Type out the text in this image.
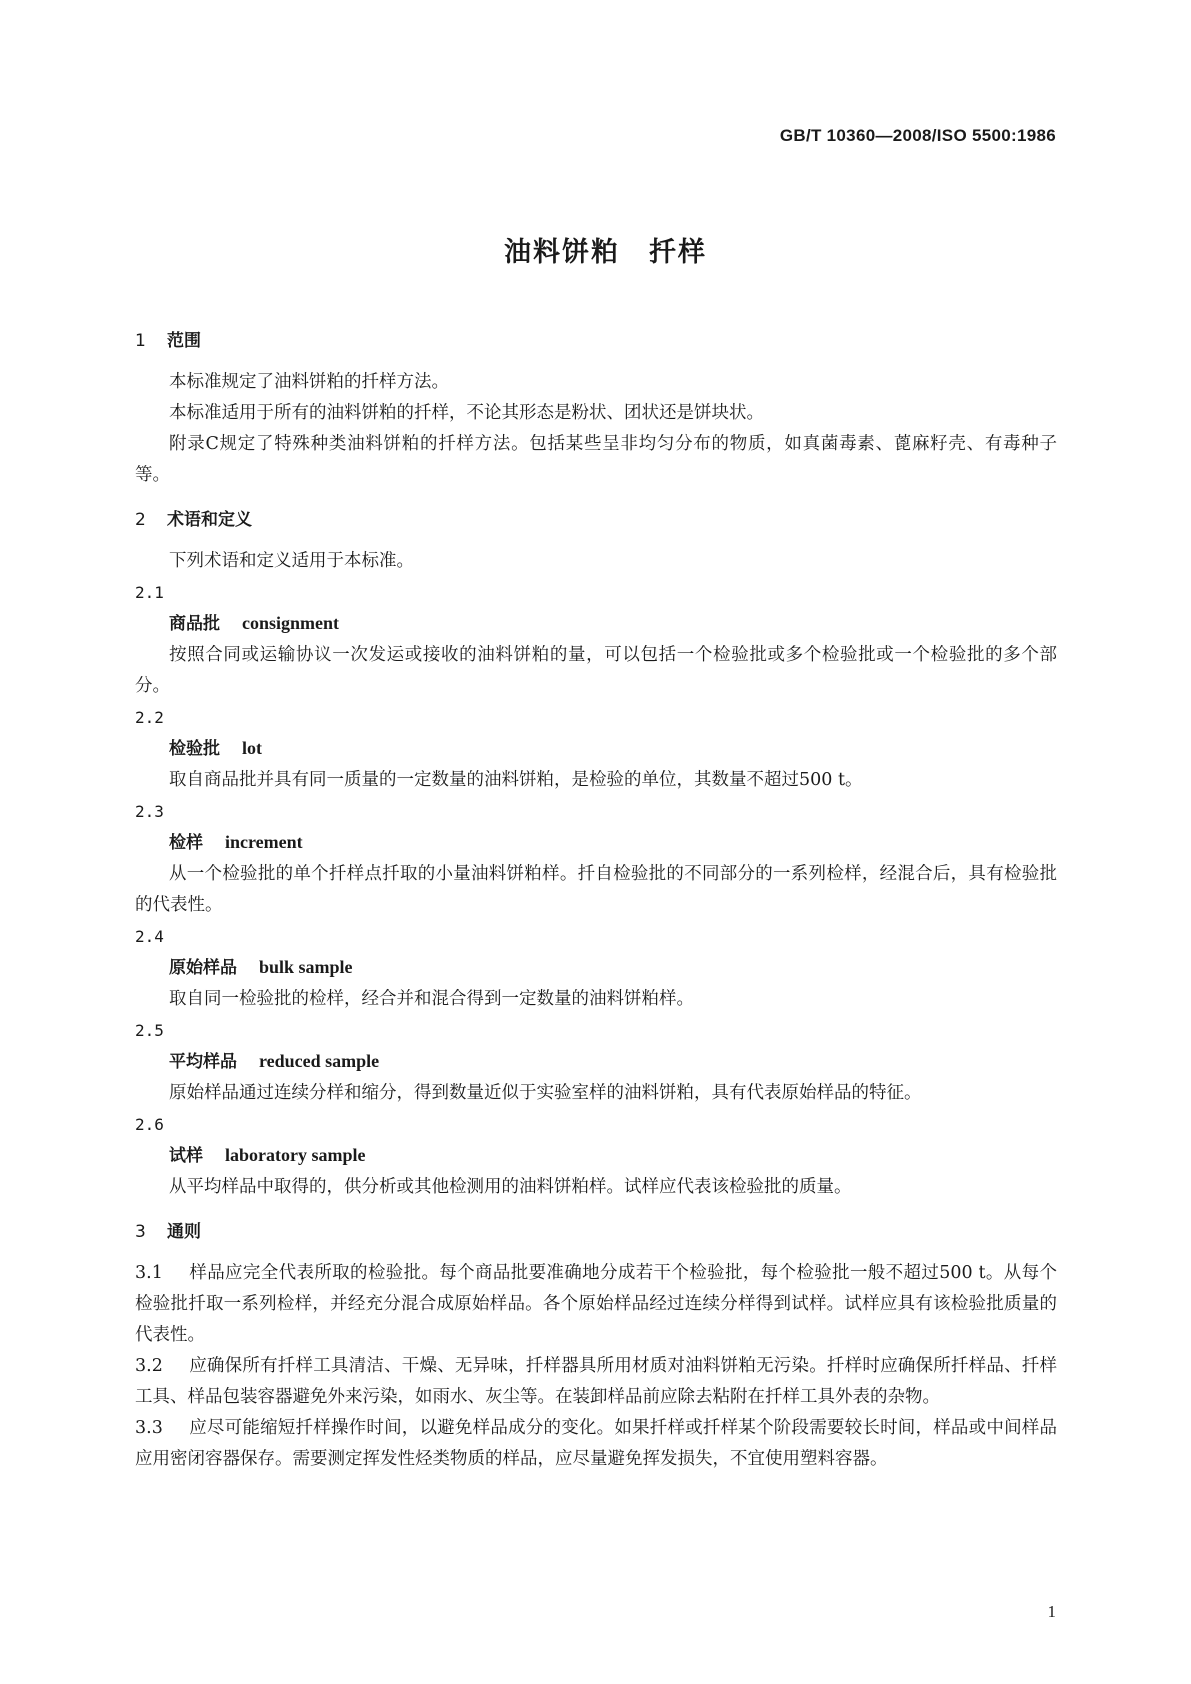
GB/T 10360—2008/ISO 5500:1986
油料饼粕　扦样

1 范围

本标准规定了油料饼粕的扦样方法。

本标准适用于所有的油料饼粕的扦样，不论其形态是粉状、团状还是饼块状。

附录C规定了特殊种类油料饼粕的扦样方法。包括某些呈非均匀分布的物质，如真菌毒素、蓖麻籽壳、有毒种子等。

2 术语和定义

下列术语和定义适用于本标准。

2.1

商品批 consignment

按照合同或运输协议一次发运或接收的油料饼粕的量，可以包括一个检验批或多个检验批或一个检验批的多个部分。

2.2

检验批 lot

取自商品批并具有同一质量的一定数量的油料饼粕，是检验的单位，其数量不超过500 t。

2.3

检样 increment

从一个检验批的单个扦样点扦取的小量油料饼粕样。扦自检验批的不同部分的一系列检样，经混合后，具有检验批的代表性。

2.4

原始样品 bulk sample

取自同一检验批的检样，经合并和混合得到一定数量的油料饼粕样。

2.5

平均样品 reduced sample

原始样品通过连续分样和缩分，得到数量近似于实验室样的油料饼粕，具有代表原始样品的特征。

2.6

试样 laboratory sample

从平均样品中取得的，供分析或其他检测用的油料饼粕样。试样应代表该检验批的质量。

3 通则

3.1 样品应完全代表所取的检验批。每个商品批要准确地分成若干个检验批，每个检验批一般不超过500 t。从每个检验批扦取一系列检样，并经充分混合成原始样品。各个原始样品经过连续分样得到试样。试样应具有该检验批质量的代表性。

3.2 应确保所有扦样工具清洁、干燥、无异味，扦样器具所用材质对油料饼粕无污染。扦样时应确保所扦样品、扦样工具、样品包装容器避免外来污染，如雨水、灰尘等。在装卸样品前应除去粘附在扦样工具外表的杂物。

3.3 应尽可能缩短扦样操作时间，以避免样品成分的变化。如果扦样或扦样某个阶段需要较长时间，样品或中间样品应用密闭容器保存。需要测定挥发性烃类物质的样品，应尽量避免挥发损失，不宜使用塑料容器。

1
